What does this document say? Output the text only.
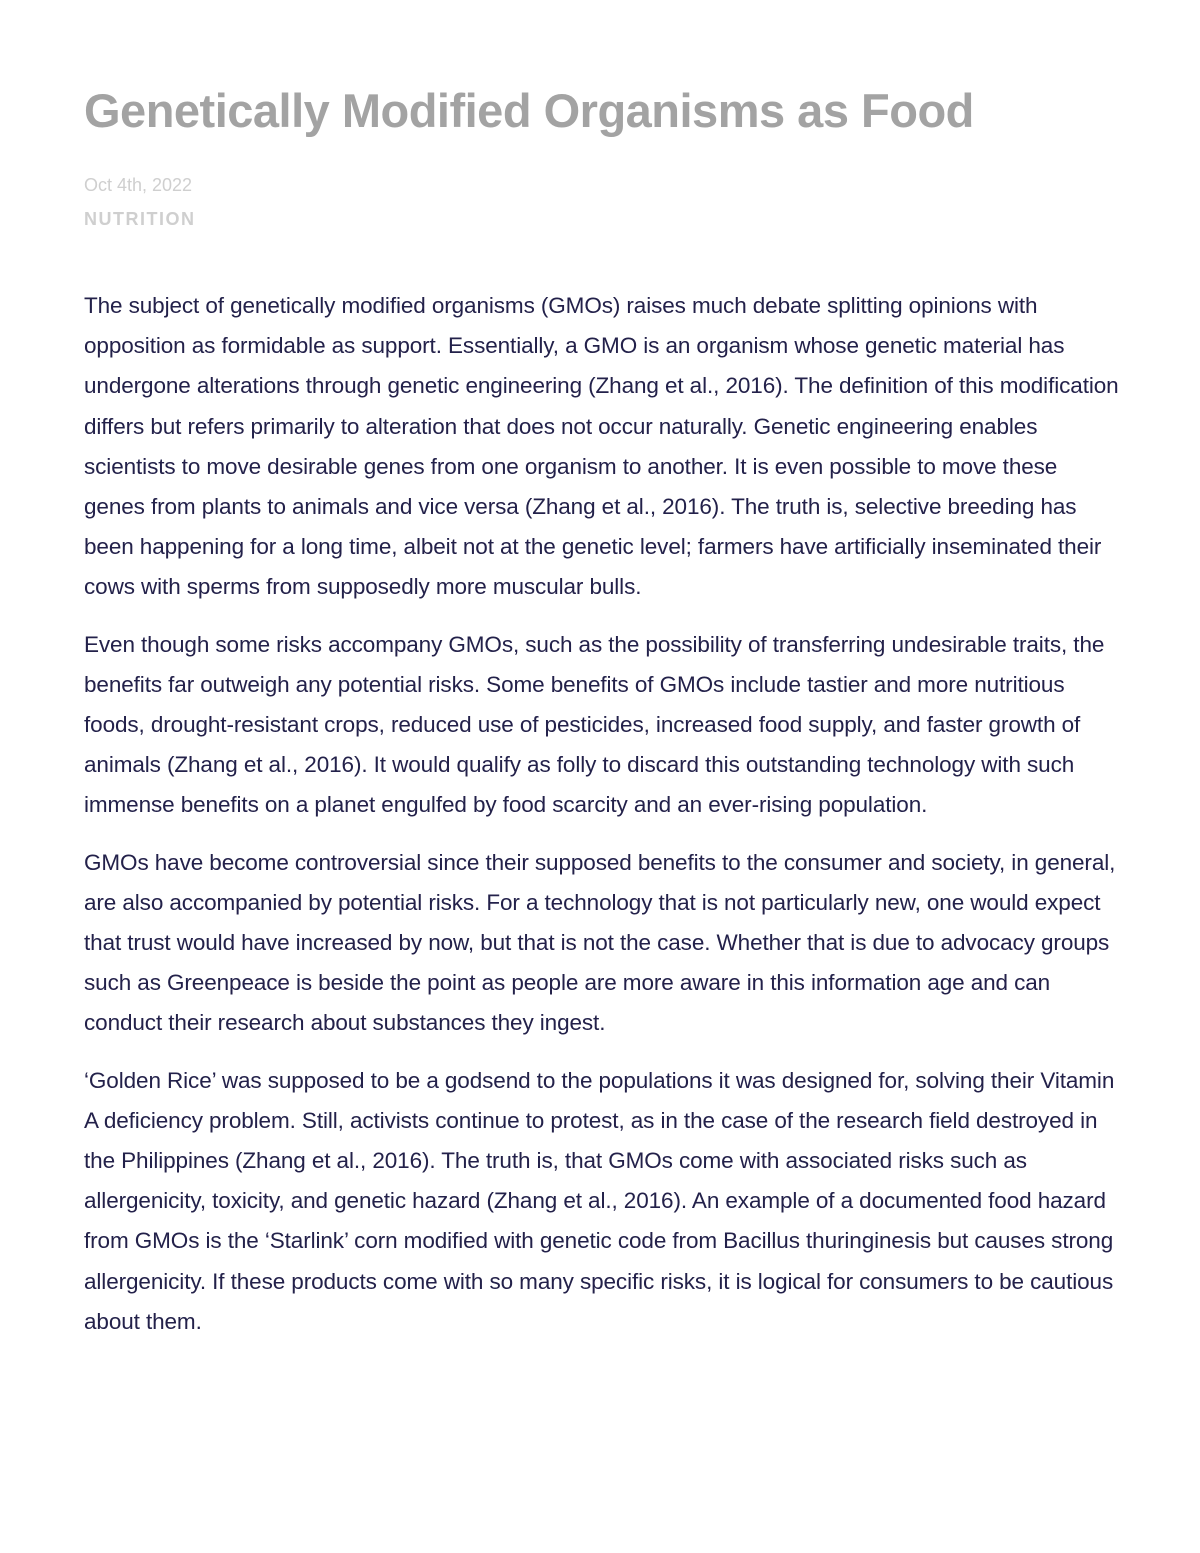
Genetically Modified Organisms as Food
Oct 4th, 2022
NUTRITION

The subject of genetically modified organisms (GMOs) raises much debate splitting opinions with opposition as formidable as support. Essentially, a GMO is an organism whose genetic material has undergone alterations through genetic engineering (Zhang et al., 2016). The definition of this modification differs but refers primarily to alteration that does not occur naturally. Genetic engineering enables scientists to move desirable genes from one organism to another. It is even possible to move these genes from plants to animals and vice versa (Zhang et al., 2016). The truth is, selective breeding has been happening for a long time, albeit not at the genetic level; farmers have artificially inseminated their cows with sperms from supposedly more muscular bulls.

Even though some risks accompany GMOs, such as the possibility of transferring undesirable traits, the benefits far outweigh any potential risks. Some benefits of GMOs include tastier and more nutritious foods, drought-resistant crops, reduced use of pesticides, increased food supply, and faster growth of animals (Zhang et al., 2016). It would qualify as folly to discard this outstanding technology with such immense benefits on a planet engulfed by food scarcity and an ever-rising population.

GMOs have become controversial since their supposed benefits to the consumer and society, in general, are also accompanied by potential risks. For a technology that is not particularly new, one would expect that trust would have increased by now, but that is not the case. Whether that is due to advocacy groups such as Greenpeace is beside the point as people are more aware in this information age and can conduct their research about substances they ingest.

‘Golden Rice’ was supposed to be a godsend to the populations it was designed for, solving their Vitamin A deficiency problem. Still, activists continue to protest, as in the case of the research field destroyed in the Philippines (Zhang et al., 2016). The truth is, that GMOs come with associated risks such as allergenicity, toxicity, and genetic hazard (Zhang et al., 2016). An example of a documented food hazard from GMOs is the ‘Starlink’ corn modified with genetic code from Bacillus thuringinesis but causes strong allergenicity. If these products come with so many specific risks, it is logical for consumers to be cautious about them.
